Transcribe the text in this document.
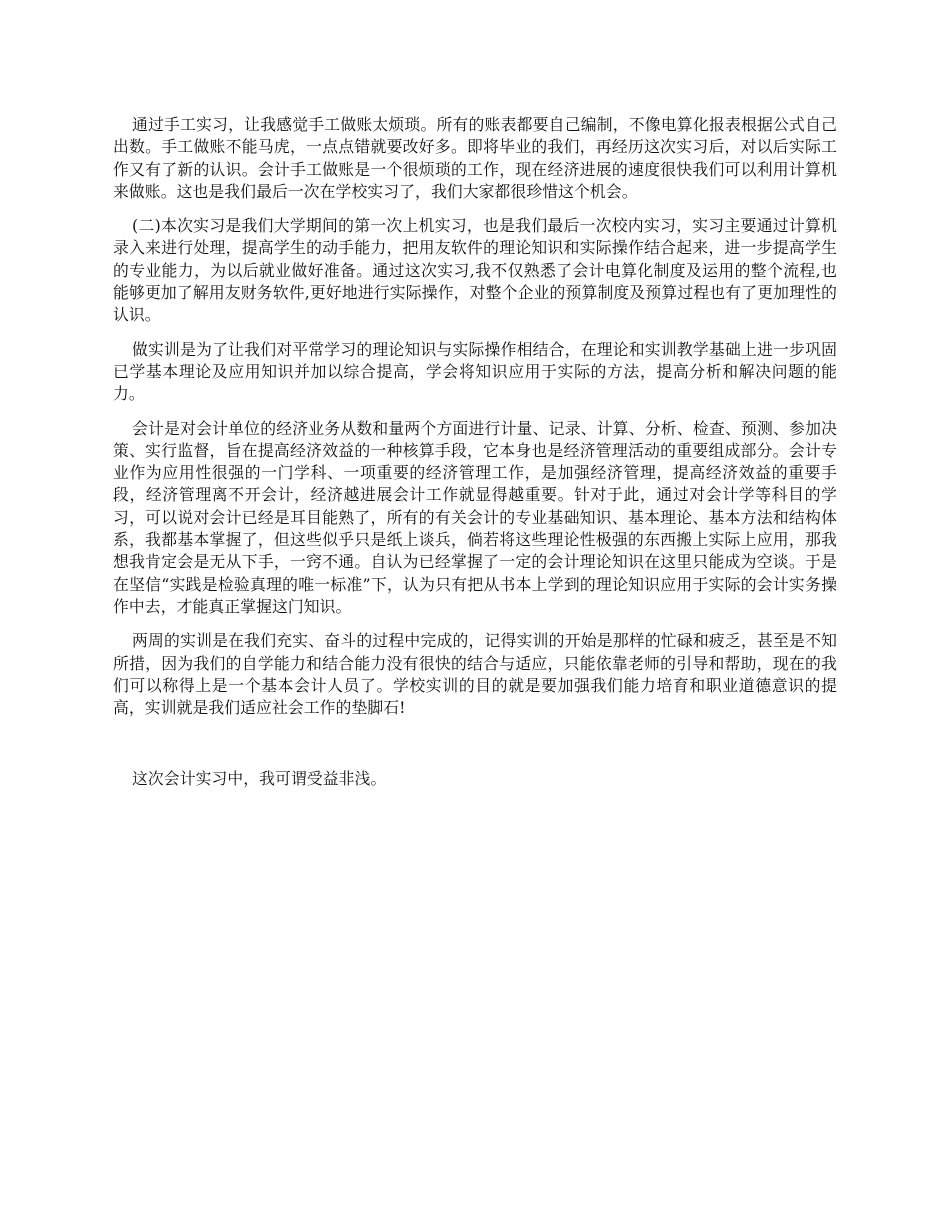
通过手工实习，让我感觉手工做账太烦琐。所有的账表都要自己编制，不像电算化报表根据公式自己出数。手工做账不能马虎，一点点错就要改好多。即将毕业的我们，再经历这次实习后，对以后实际工作又有了新的认识。会计手工做账是一个很烦琐的工作，现在经济进展的速度很快我们可以利用计算机来做账。这也是我们最后一次在学校实习了，我们大家都很珍惜这个机会。

(二)本次实习是我们大学期间的第一次上机实习，也是我们最后一次校内实习，实习主要通过计算机录入来进行处理，提高学生的动手能力，把用友软件的理论知识和实际操作结合起来，进一步提高学生的专业能力，为以后就业做好准备。通过这次实习,我不仅熟悉了会计电算化制度及运用的整个流程,也能够更加了解用友财务软件,更好地进行实际操作，对整个企业的预算制度及预算过程也有了更加理性的认识。

做实训是为了让我们对平常学习的理论知识与实际操作相结合，在理论和实训教学基础上进一步巩固已学基本理论及应用知识并加以综合提高，学会将知识应用于实际的方法，提高分析和解决问题的能力。

会计是对会计单位的经济业务从数和量两个方面进行计量、记录、计算、分析、检查、预测、参加决策、实行监督，旨在提高经济效益的一种核算手段，它本身也是经济管理活动的重要组成部分。会计专业作为应用性很强的一门学科、一项重要的经济管理工作，是加强经济管理，提高经济效益的重要手段，经济管理离不开会计，经济越进展会计工作就显得越重要。针对于此，通过对会计学等科目的学习，可以说对会计已经是耳目能熟了，所有的有关会计的专业基础知识、基本理论、基本方法和结构体系，我都基本掌握了，但这些似乎只是纸上谈兵，倘若将这些理论性极强的东西搬上实际上应用，那我想我肯定会是无从下手，一窍不通。自认为已经掌握了一定的会计理论知识在这里只能成为空谈。于是在坚信“实践是检验真理的唯一标准”下，认为只有把从书本上学到的理论知识应用于实际的会计实务操作中去，才能真正掌握这门知识。

两周的实训是在我们充实、奋斗的过程中完成的，记得实训的开始是那样的忙碌和疲乏，甚至是不知所措，因为我们的自学能力和结合能力没有很快的结合与适应，只能依靠老师的引导和帮助，现在的我们可以称得上是一个基本会计人员了。学校实训的目的就是要加强我们能力培育和职业道德意识的提高，实训就是我们适应社会工作的垫脚石!

这次会计实习中，我可谓受益非浅。
